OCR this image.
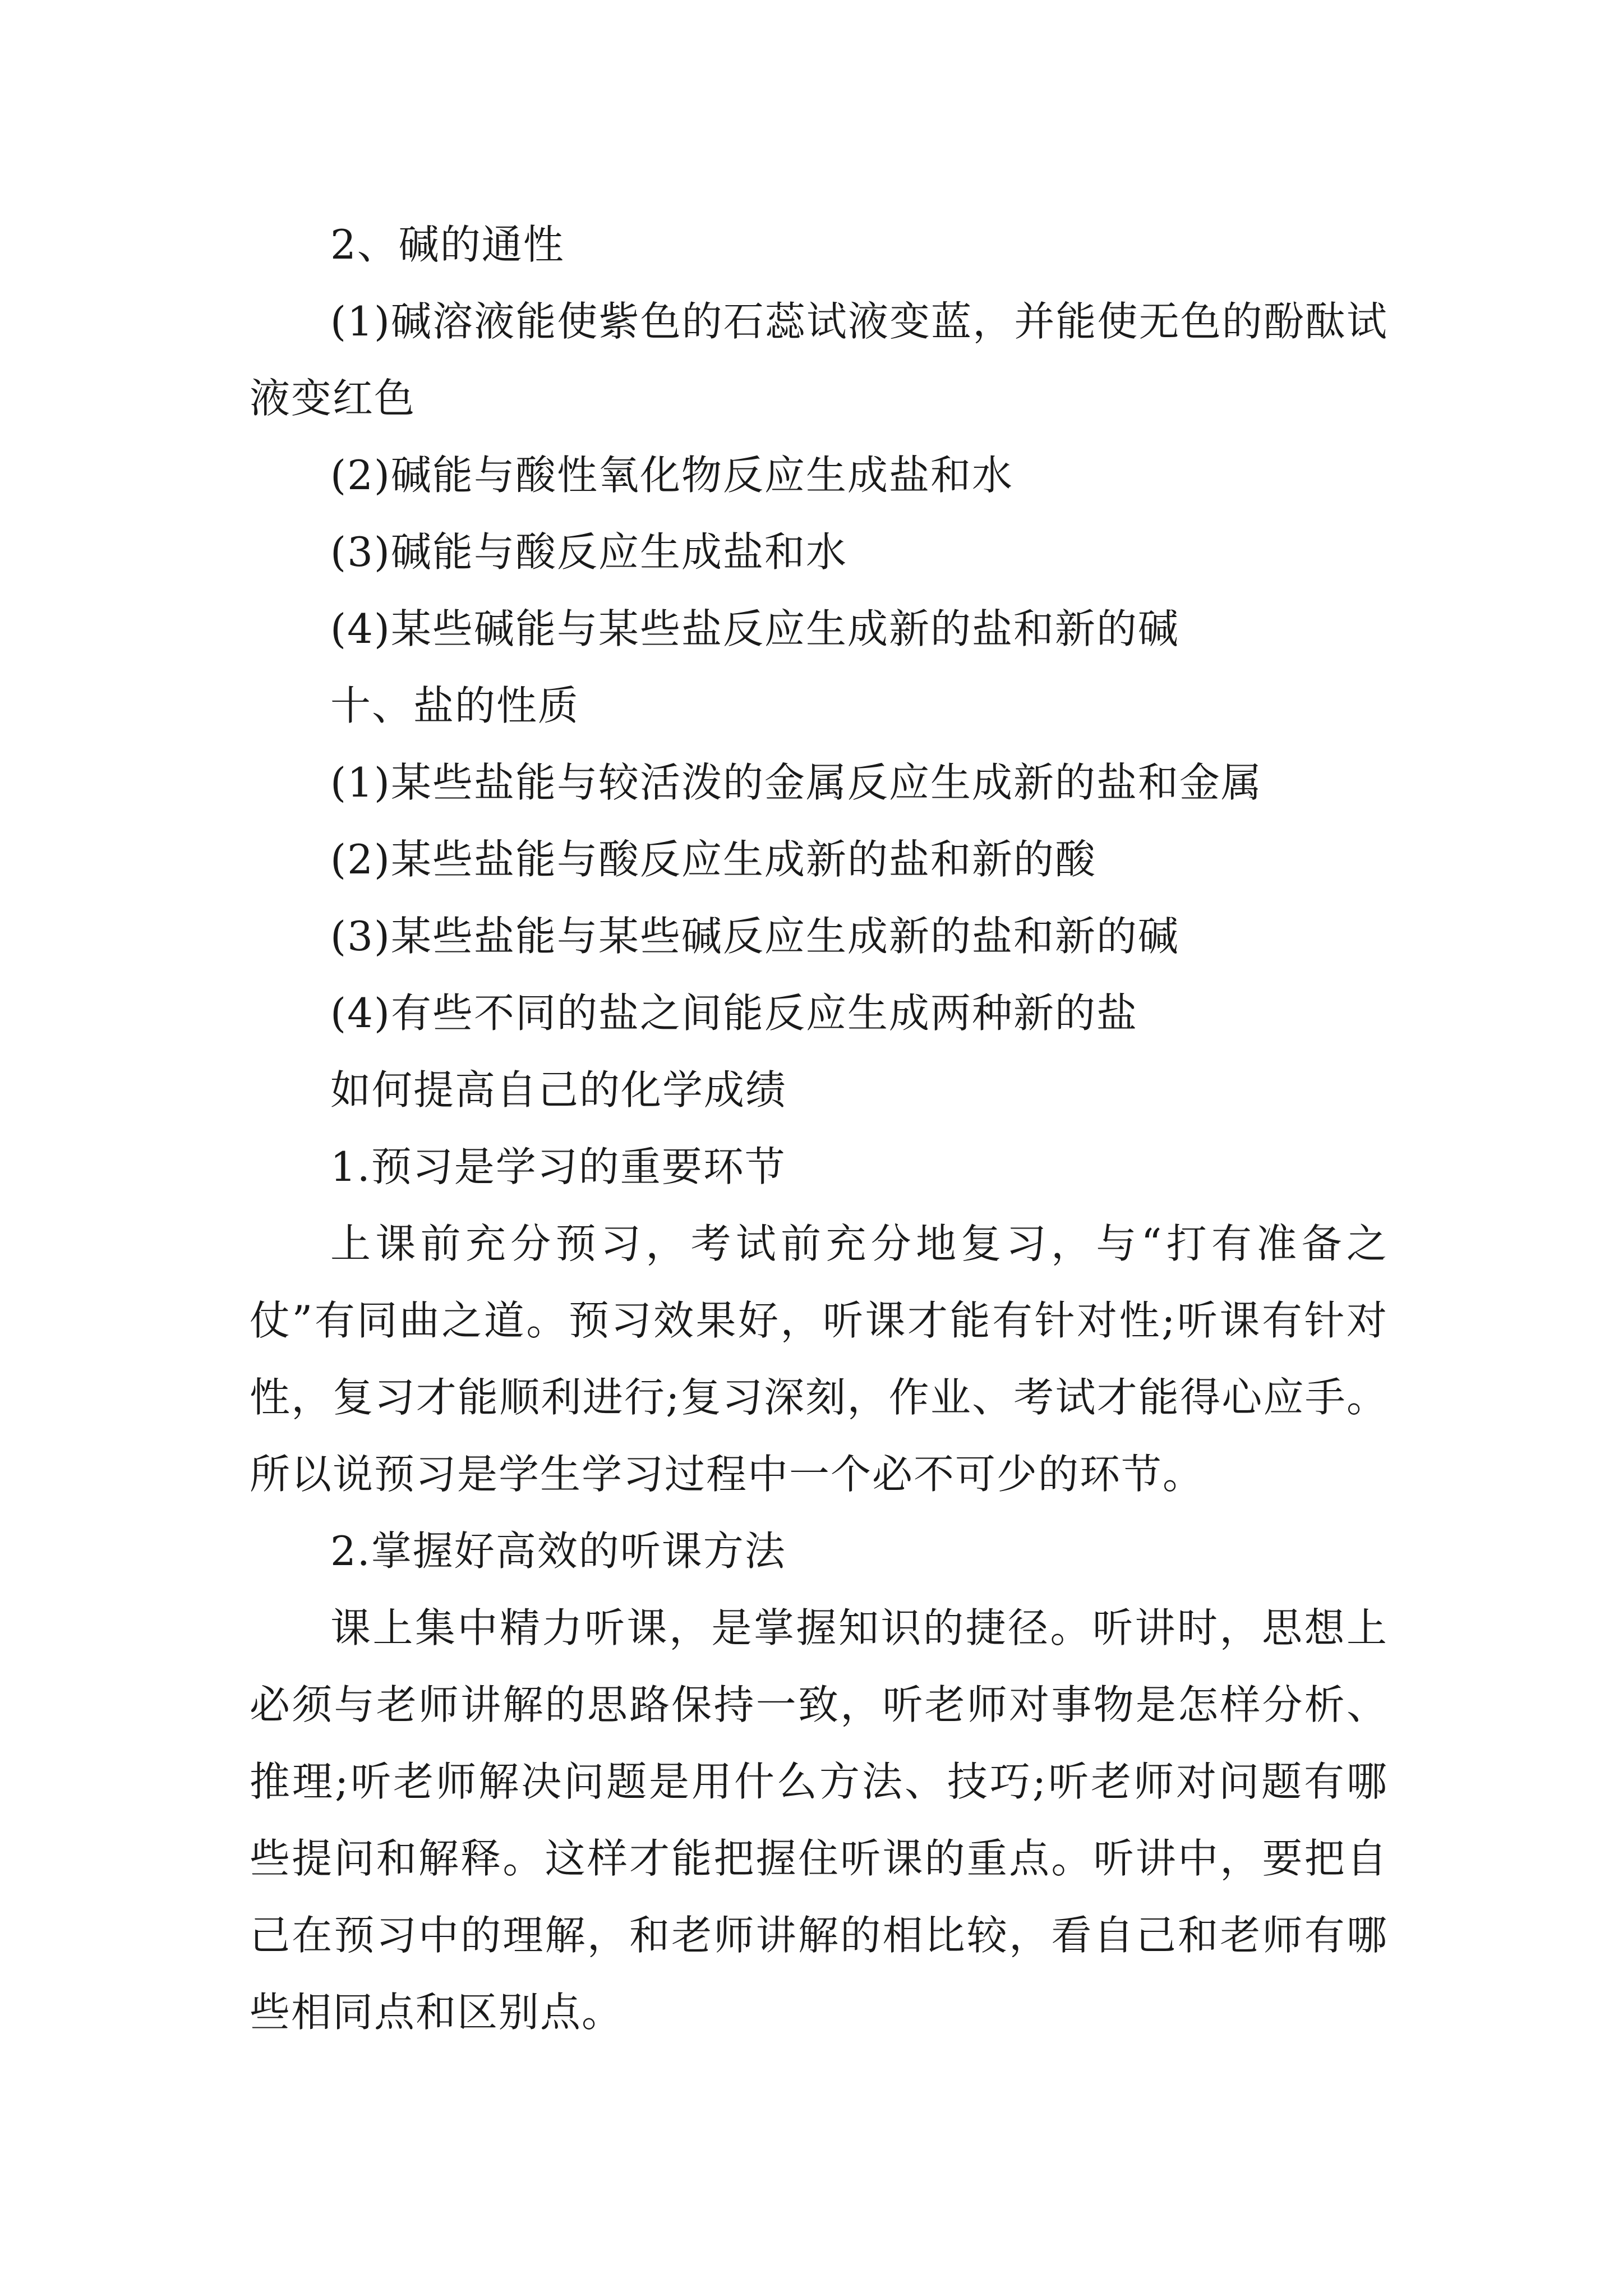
2、碱的通性

(1)碱溶液能使紫色的石蕊试液变蓝，并能使无色的酚酞试液变红色

(2)碱能与酸性氧化物反应生成盐和水

(3)碱能与酸反应生成盐和水

(4)某些碱能与某些盐反应生成新的盐和新的碱

十、盐的性质

(1)某些盐能与较活泼的金属反应生成新的盐和金属

(2)某些盐能与酸反应生成新的盐和新的酸

(3)某些盐能与某些碱反应生成新的盐和新的碱

(4)有些不同的盐之间能反应生成两种新的盐

如何提高自己的化学成绩

1.预习是学习的重要环节

上课前充分预习，考试前充分地复习，与“打有准备之仗”有同曲之道。预习效果好，听课才能有针对性;听课有针对性，复习才能顺利进行;复习深刻，作业、考试才能得心应手。所以说预习是学生学习过程中一个必不可少的环节。

2.掌握好高效的听课方法

课上集中精力听课，是掌握知识的捷径。听讲时，思想上必须与老师讲解的思路保持一致，听老师对事物是怎样分析、推理;听老师解决问题是用什么方法、技巧;听老师对问题有哪些提问和解释。这样才能把握住听课的重点。听讲中，要把自己在预习中的理解，和老师讲解的相比较，看自己和老师有哪些相同点和区别点。
